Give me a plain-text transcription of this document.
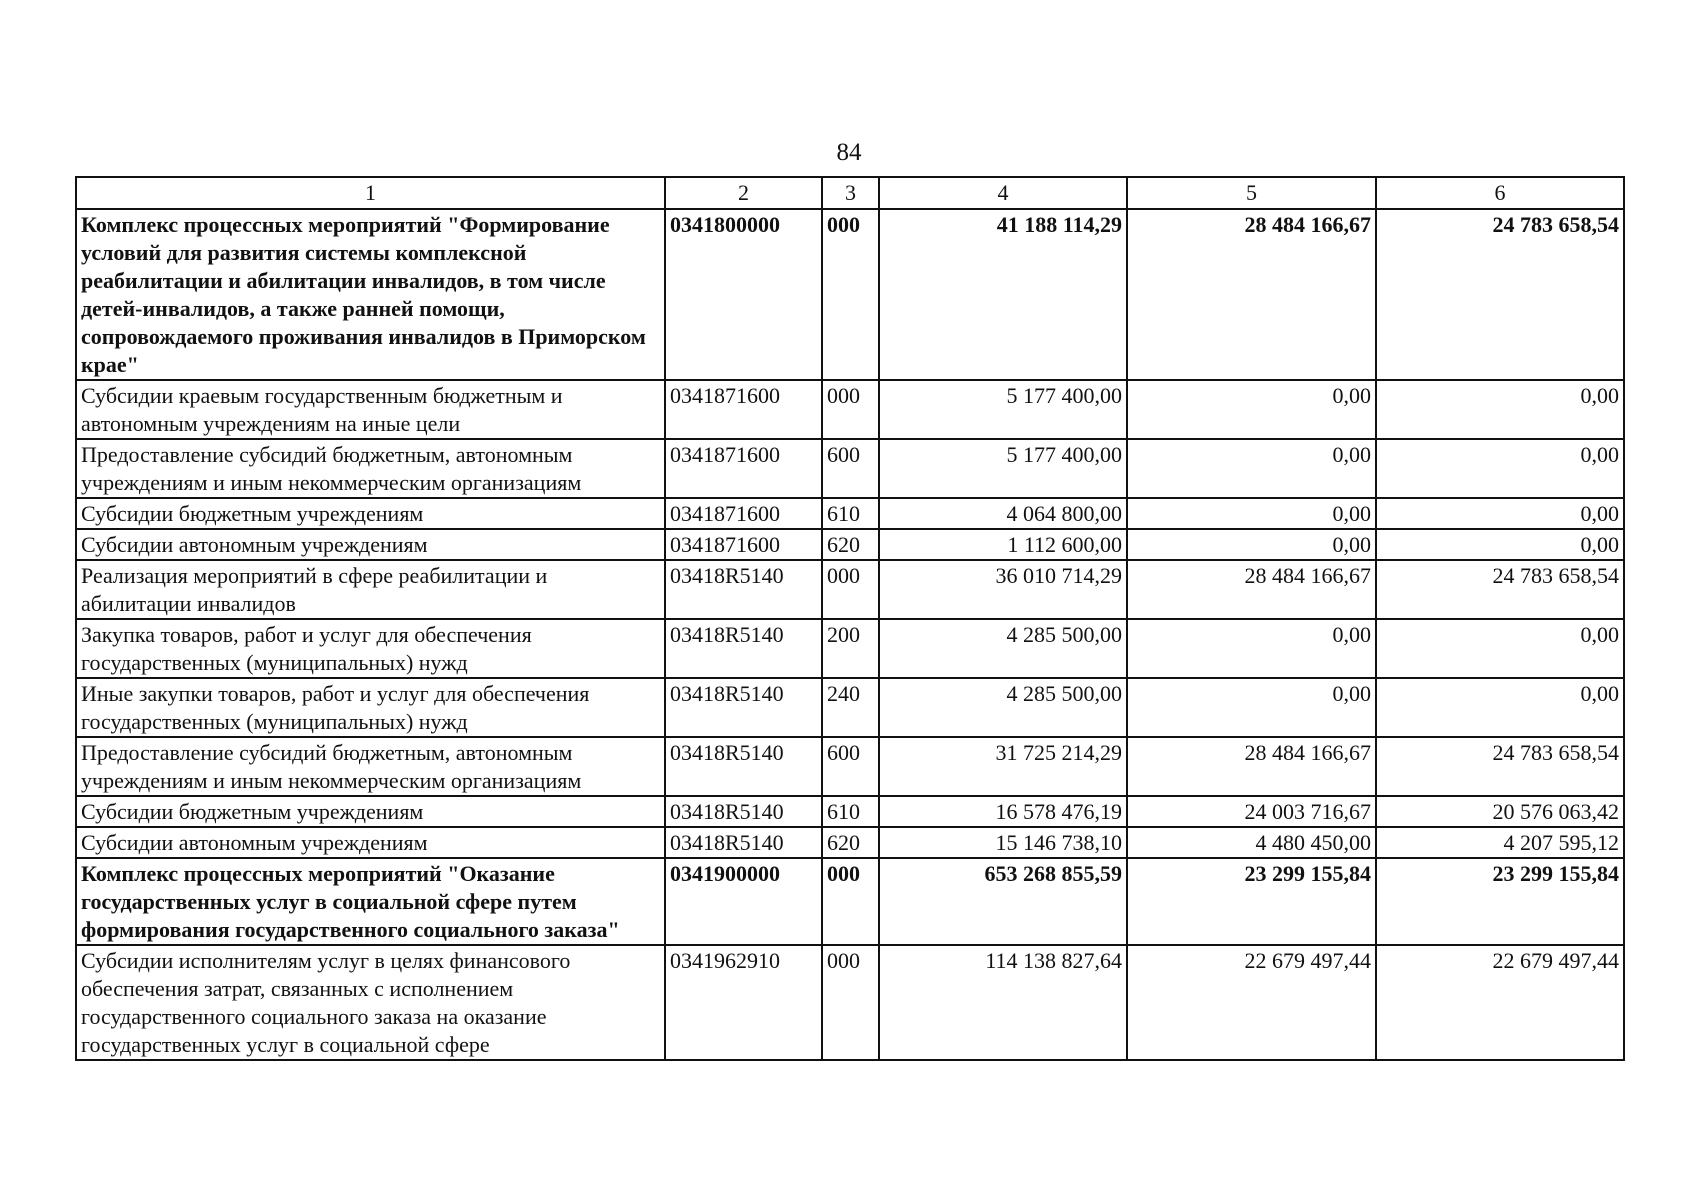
84
1	2	3	4	5	6
Комплекс процессных мероприятий "Формирование условий для развития системы комплексной реабилитации и абилитации инвалидов, в том числе детей-инвалидов, а также ранней помощи, сопровождаемого проживания инвалидов в Приморском крае"	0341800000	000	41 188 114,29	28 484 166,67	24 783 658,54
Субсидии краевым государственным бюджетным и автономным учреждениям на иные цели	0341871600	000	5 177 400,00	0,00	0,00
Предоставление субсидий бюджетным, автономным учреждениям и иным некоммерческим организациям	0341871600	600	5 177 400,00	0,00	0,00
Субсидии бюджетным учреждениям	0341871600	610	4 064 800,00	0,00	0,00
Субсидии автономным учреждениям	0341871600	620	1 112 600,00	0,00	0,00
Реализация мероприятий в сфере реабилитации и абилитации инвалидов	03418R5140	000	36 010 714,29	28 484 166,67	24 783 658,54
Закупка товаров, работ и услуг для обеспечения государственных (муниципальных) нужд	03418R5140	200	4 285 500,00	0,00	0,00
Иные закупки товаров, работ и услуг для обеспечения государственных (муниципальных) нужд	03418R5140	240	4 285 500,00	0,00	0,00
Предоставление субсидий бюджетным, автономным учреждениям и иным некоммерческим организациям	03418R5140	600	31 725 214,29	28 484 166,67	24 783 658,54
Субсидии бюджетным учреждениям	03418R5140	610	16 578 476,19	24 003 716,67	20 576 063,42
Субсидии автономным учреждениям	03418R5140	620	15 146 738,10	4 480 450,00	4 207 595,12
Комплекс процессных мероприятий "Оказание государственных услуг в социальной сфере путем формирования государственного социального заказа"	0341900000	000	653 268 855,59	23 299 155,84	23 299 155,84
Субсидии исполнителям услуг в целях финансового обеспечения затрат, связанных с исполнением государственного социального заказа на оказание государственных услуг в социальной сфере	0341962910	000	114 138 827,64	22 679 497,44	22 679 497,44
